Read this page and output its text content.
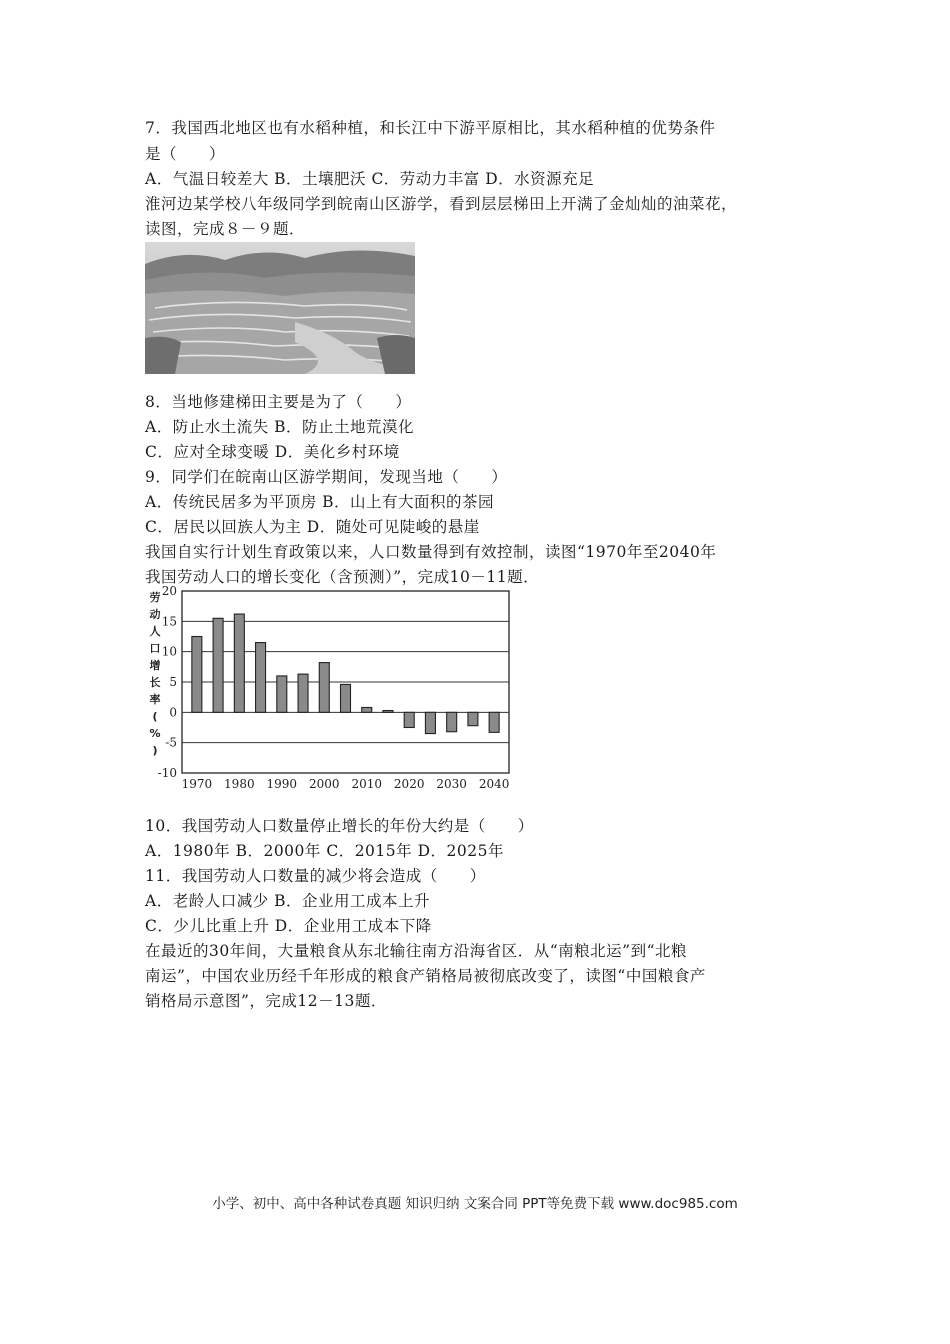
7．我国西北地区也有水稻种植，和长江中下游平原相比，其水稻种植的优势条件
是（　　）
A．气温日较差大 B．土壤肥沃 C．劳动力丰富 D．水资源充足
淮河边某学校八年级同学到皖南山区游学，看到层层梯田上开满了金灿灿的油菜花，
读图，完成８－９题．
8．当地修建梯田主要是为了（　　）
A．防止水土流失 B．防止土地荒漠化
C．应对全球变暖 D．美化乡村环境
9．同学们在皖南山区游学期间，发现当地（　　）
A．传统民居多为平顶房 B．山上有大面积的茶园
C．居民以回族人为主 D．随处可见陡峻的悬崖
我国自实行计划生育政策以来，人口数量得到有效控制，读图“1970年至2040年
我国劳动人口的增长变化（含预测）”，完成10－11题．
20
15
10
5
0
-5
-10
1970 1980 1990 2000 2010 2020 2030 2040
劳动人口增长率( % )
10．我国劳动人口数量停止增长的年份大约是（　　）
A．1980年 B．2000年 C．2015年 D．2025年
11．我国劳动人口数量的减少将会造成（　　）
A．老龄人口减少 B．企业用工成本上升
C．少儿比重上升 D．企业用工成本下降
在最近的30年间，大量粮食从东北输往南方沿海省区．从“南粮北运”到“北粮
南运”，中国农业历经千年形成的粮食产销格局被彻底改变了，读图“中国粮食产
销格局示意图”，完成12－13题．
小学、初中、高中各种试卷真题 知识归纳 文案合同 PPT等免费下载 www.doc985.com
